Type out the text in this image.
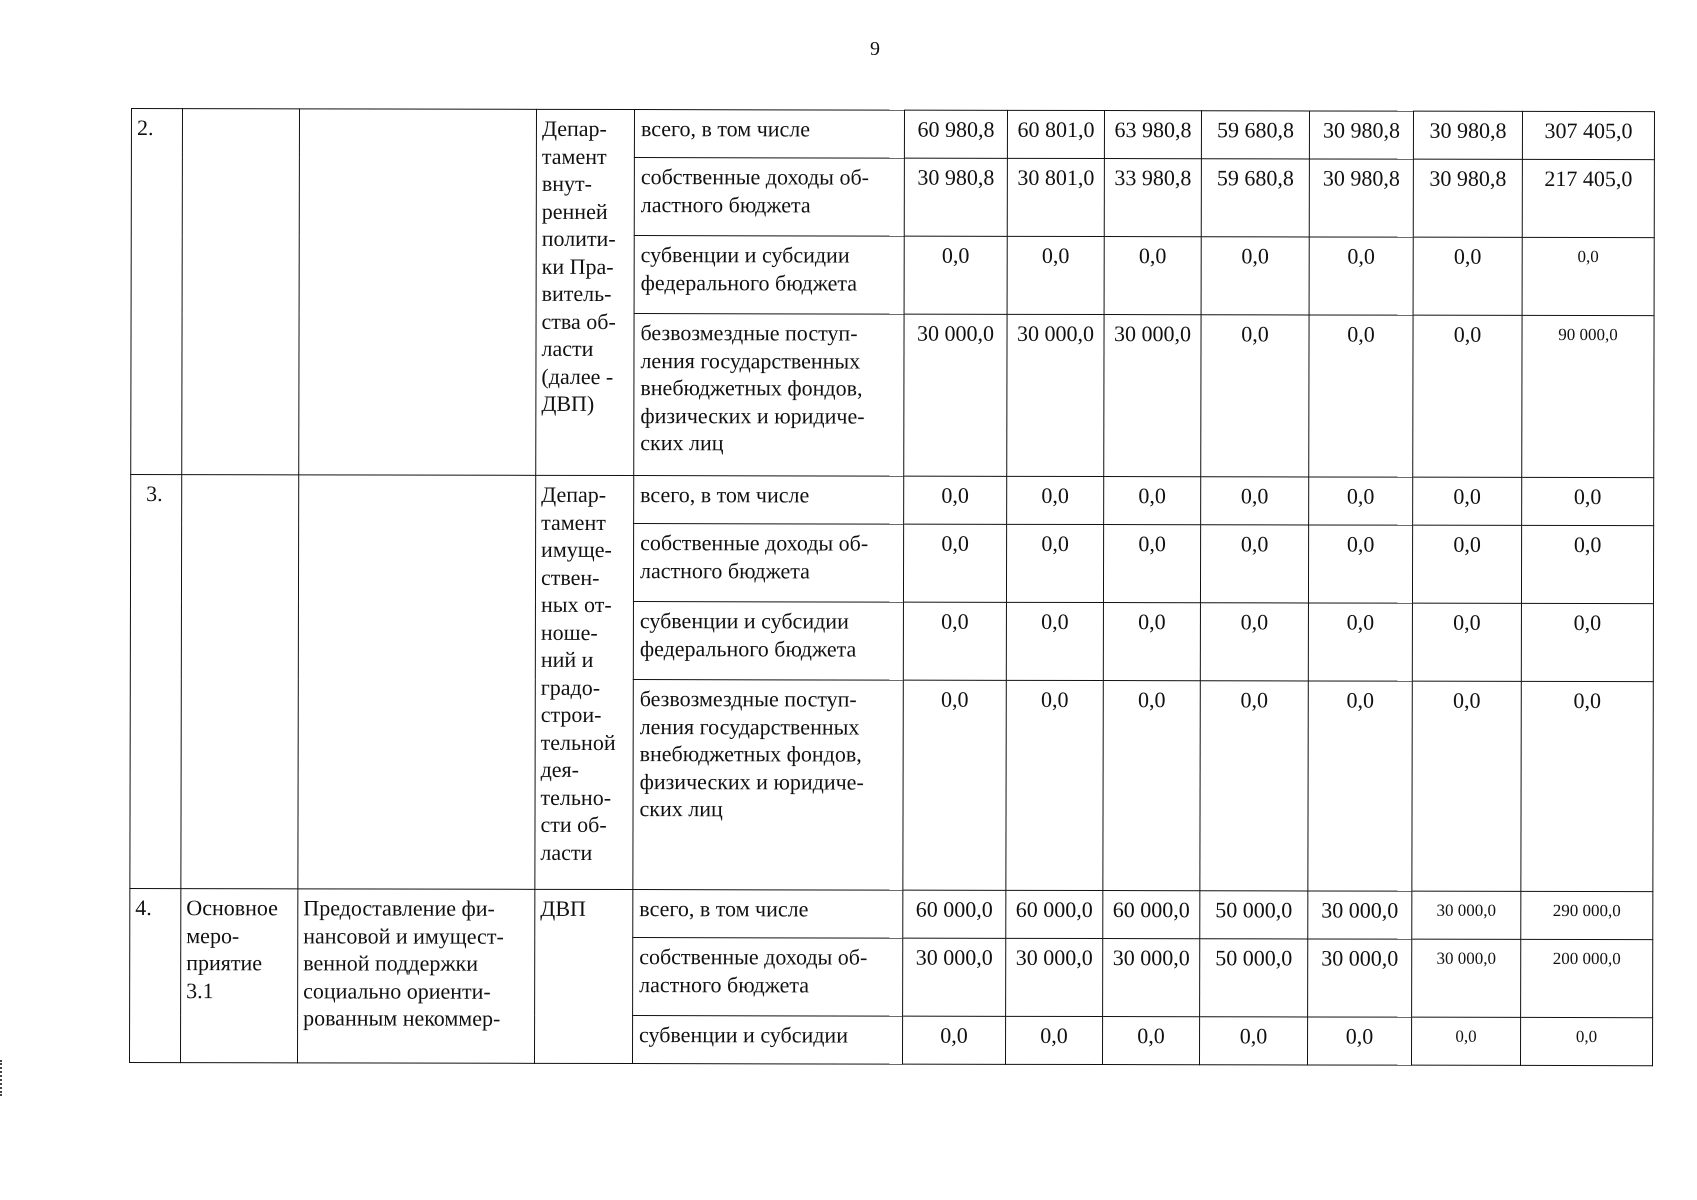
9
2.			Депар-тамент внут-ренней полити-ки Пра-витель-ства об-ласти (далее - ДВП)	всего, в том числе	60 980,8	60 801,0	63 980,8	59 680,8	30 980,8	30 980,8	307 405,0
				собственные доходы об-ластного бюджета	30 980,8	30 801,0	33 980,8	59 680,8	30 980,8	30 980,8	217 405,0
				субвенции и субсидии федерального бюджета	0,0	0,0	0,0	0,0	0,0	0,0	0,0
				безвозмездные поступ-ления государственных внебюджетных фондов, физических и юридиче-ских лиц	30 000,0	30 000,0	30 000,0	0,0	0,0	0,0	90 000,0
3.			Депар-тамент имуще-ствен-ных от-ноше-ний и градо-строи-тельной дея-тельно-сти об-ласти	всего, в том числе	0,0	0,0	0,0	0,0	0,0	0,0	0,0
				собственные доходы об-ластного бюджета	0,0	0,0	0,0	0,0	0,0	0,0	0,0
				субвенции и субсидии федерального бюджета	0,0	0,0	0,0	0,0	0,0	0,0	0,0
				безвозмездные поступ-ления государственных внебюджетных фондов, физических и юридиче-ских лиц	0,0	0,0	0,0	0,0	0,0	0,0	0,0
4.	Основное меро-приятие 3.1	Предоставление фи-нансовой и имущест-венной поддержки социально ориенти-рованным некоммер-	ДВП	всего, в том числе	60 000,0	60 000,0	60 000,0	50 000,0	30 000,0	30 000,0	290 000,0
				собственные доходы об-ластного бюджета	30 000,0	30 000,0	30 000,0	50 000,0	30 000,0	30 000,0	200 000,0
				субвенции и субсидии	0,0	0,0	0,0	0,0	0,0	0,0	0,0
